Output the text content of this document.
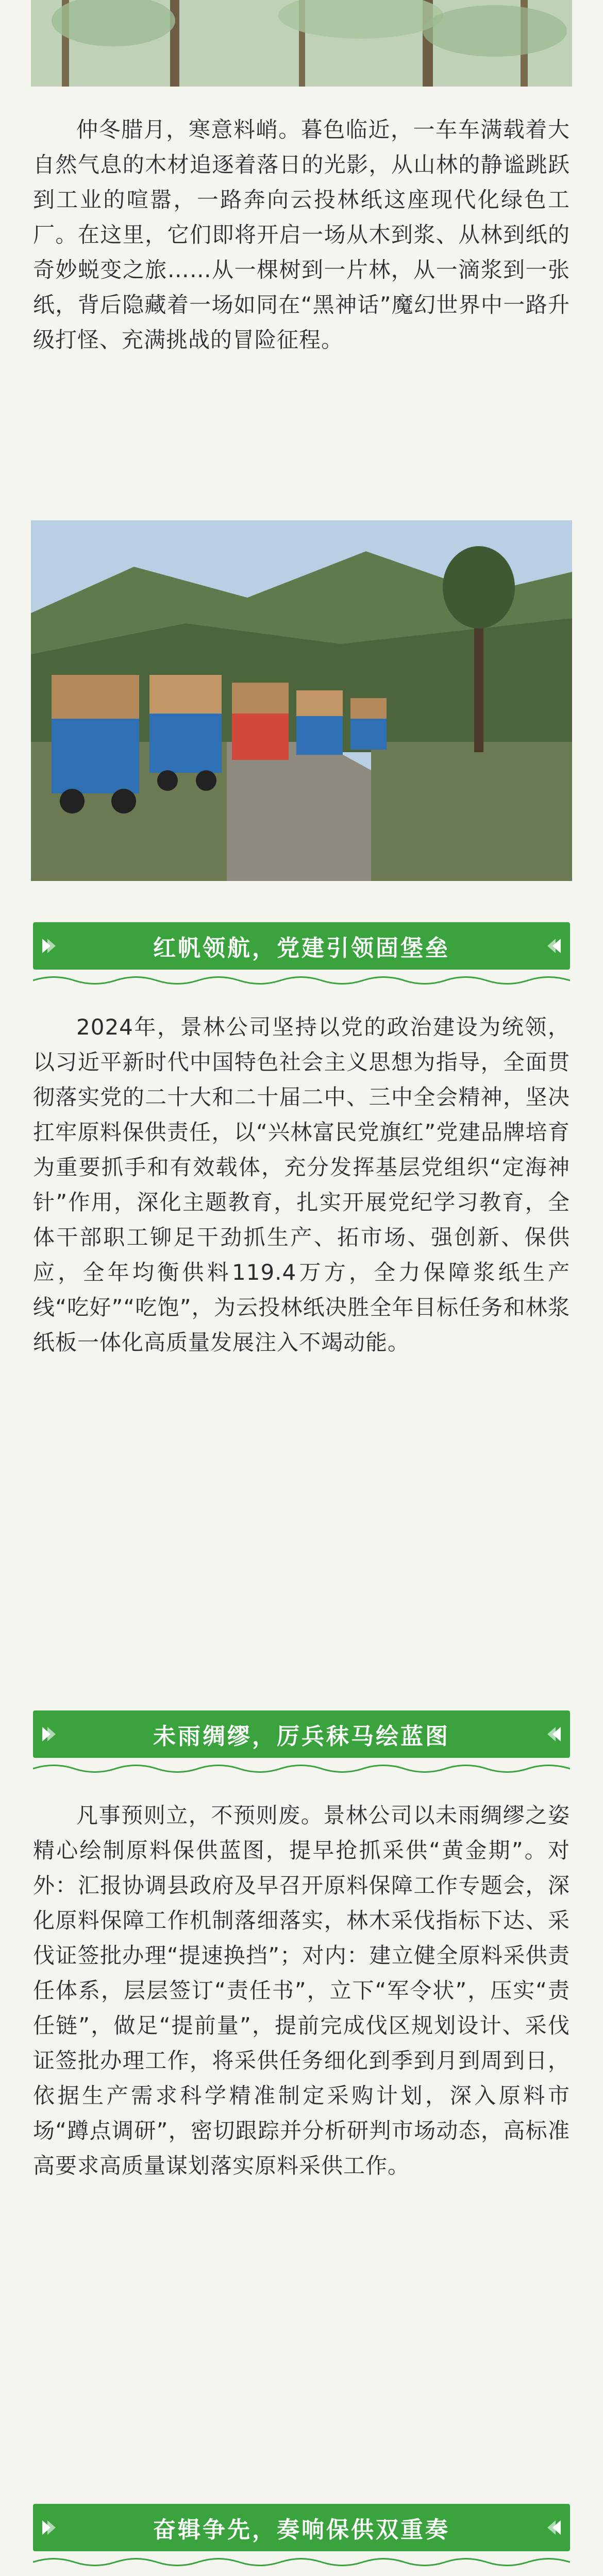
仲冬腊月，寒意料峭。暮色临近，一车车满载着大自然气息的木材追逐着落日的光影，从山林的静谧跳跃到工业的喧嚣，一路奔向云投林纸这座现代化绿色工厂。在这里，它们即将开启一场从木到浆、从林到纸的奇妙蜕变之旅……从一棵树到一片林，从一滴浆到一张纸，背后隐藏着一场如同在“黑神话”魔幻世界中一路升级打怪、充满挑战的冒险征程。

红帆领航，党建引领固堡垒

2024年，景林公司坚持以党的政治建设为统领，以习近平新时代中国特色社会主义思想为指导，全面贯彻落实党的二十大和二十届二中、三中全会精神，坚决扛牢原料保供责任，以“兴林富民党旗红”党建品牌培育为重要抓手和有效载体，充分发挥基层党组织“定海神针”作用，深化主题教育，扎实开展党纪学习教育，全体干部职工铆足干劲抓生产、拓市场、强创新、保供应，全年均衡供料119.4万方，全力保障浆纸生产线“吃好”“吃饱”，为云投林纸决胜全年目标任务和林浆纸板一体化高质量发展注入不竭动能。

未雨绸缪，厉兵秣马绘蓝图

凡事预则立，不预则废。景林公司以未雨绸缪之姿精心绘制原料保供蓝图，提早抢抓采供“黄金期”。对外：汇报协调县政府及早召开原料保障工作专题会，深化原料保障工作机制落细落实，林木采伐指标下达、采伐证签批办理“提速换挡”；对内：建立健全原料采供责任体系，层层签订“责任书”，立下“军令状”，压实“责任链”，做足“提前量”，提前完成伐区规划设计、采伐证签批办理工作，将采供任务细化到季到月到周到日，依据生产需求科学精准制定采购计划，深入原料市场“蹲点调研”，密切跟踪并分析研判市场动态，高标准高要求高质量谋划落实原料采供工作。

奋辑争先，奏响保供双重奏
